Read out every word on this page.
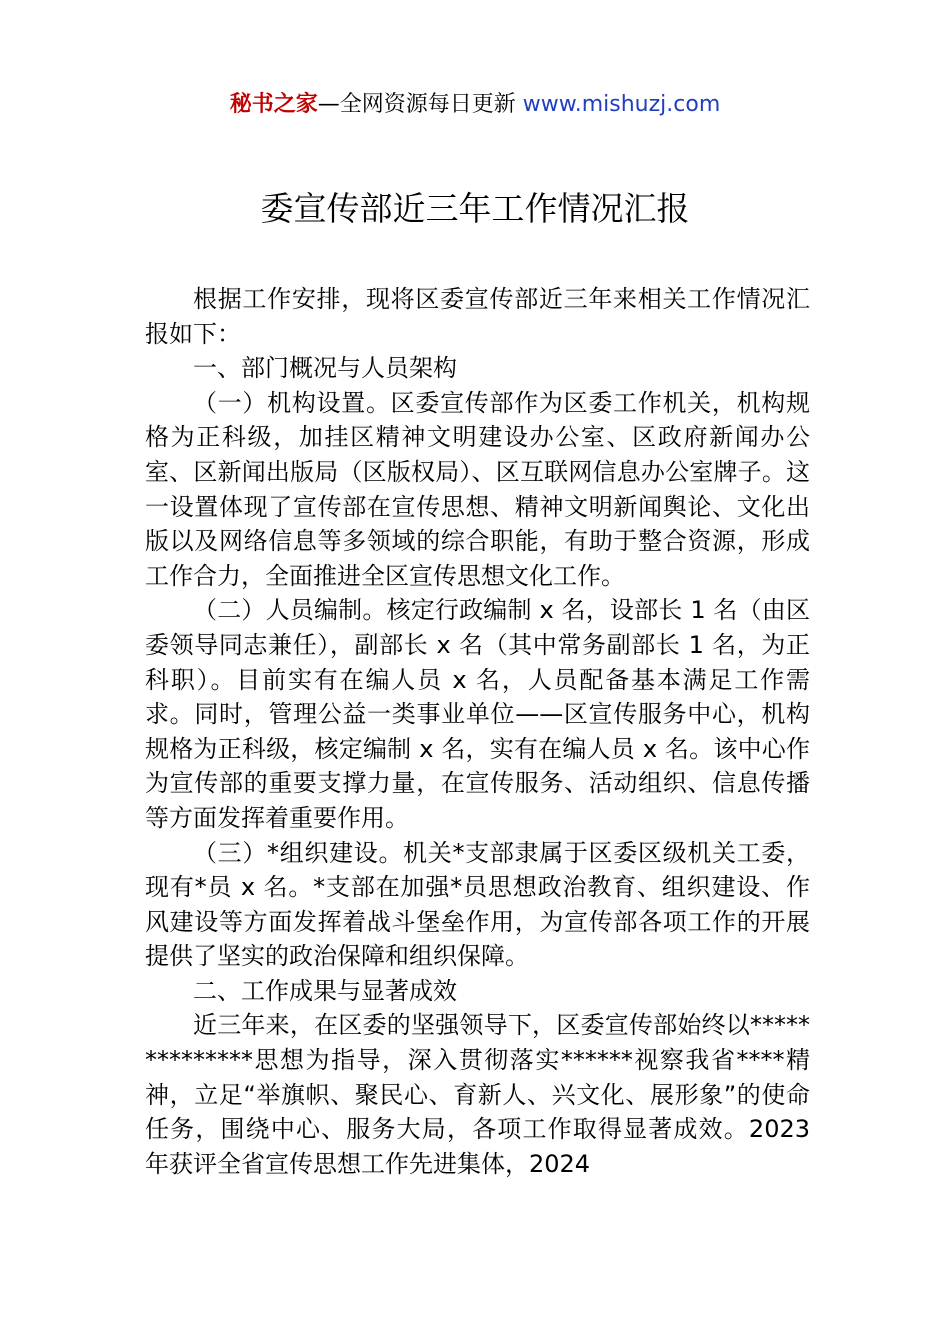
秘书之家—全网资源每日更新 www.mishuzj.com
委宣传部近三年工作情况汇报

根据工作安排，现将区委宣传部近三年来相关工作情况汇报如下：

一、部门概况与人员架构

（一）机构设置。区委宣传部作为区委工作机关，机构规格为正科级，加挂区精神文明建设办公室、区政府新闻办公室、区新闻出版局（区版权局）、区互联网信息办公室牌子。这一设置体现了宣传部在宣传思想、精神文明新闻舆论、文化出版以及网络信息等多领域的综合职能，有助于整合资源，形成工作合力，全面推进全区宣传思想文化工作。

（二）人员编制。核定行政编制 x 名，设部长 1 名（由区委领导同志兼任），副部长 x 名（其中常务副部长 1 名，为正科职）。目前实有在编人员 x 名，人员配备基本满足工作需求。同时，管理公益一类事业单位——区宣传服务中心，机构规格为正科级，核定编制 x 名，实有在编人员 x 名。该中心作为宣传部的重要支撑力量，在宣传服务、活动组织、信息传播等方面发挥着重要作用。

（三）*组织建设。机关*支部隶属于区委区级机关工委，现有*员 x 名。*支部在加强*员思想政治教育、组织建设、作风建设等方面发挥着战斗堡垒作用，为宣传部各项工作的开展提供了坚实的政治保障和组织保障。

二、工作成果与显著成效

近三年来，在区委的坚强领导下，区委宣传部始终以**************思想为指导，深入贯彻落实******视察我省****精神，立足“举旗帜、聚民心、育新人、兴文化、展形象”的使命任务，围绕中心、服务大局，各项工作取得显著成效。2023 年获评全省宣传思想工作先进集体，2024
